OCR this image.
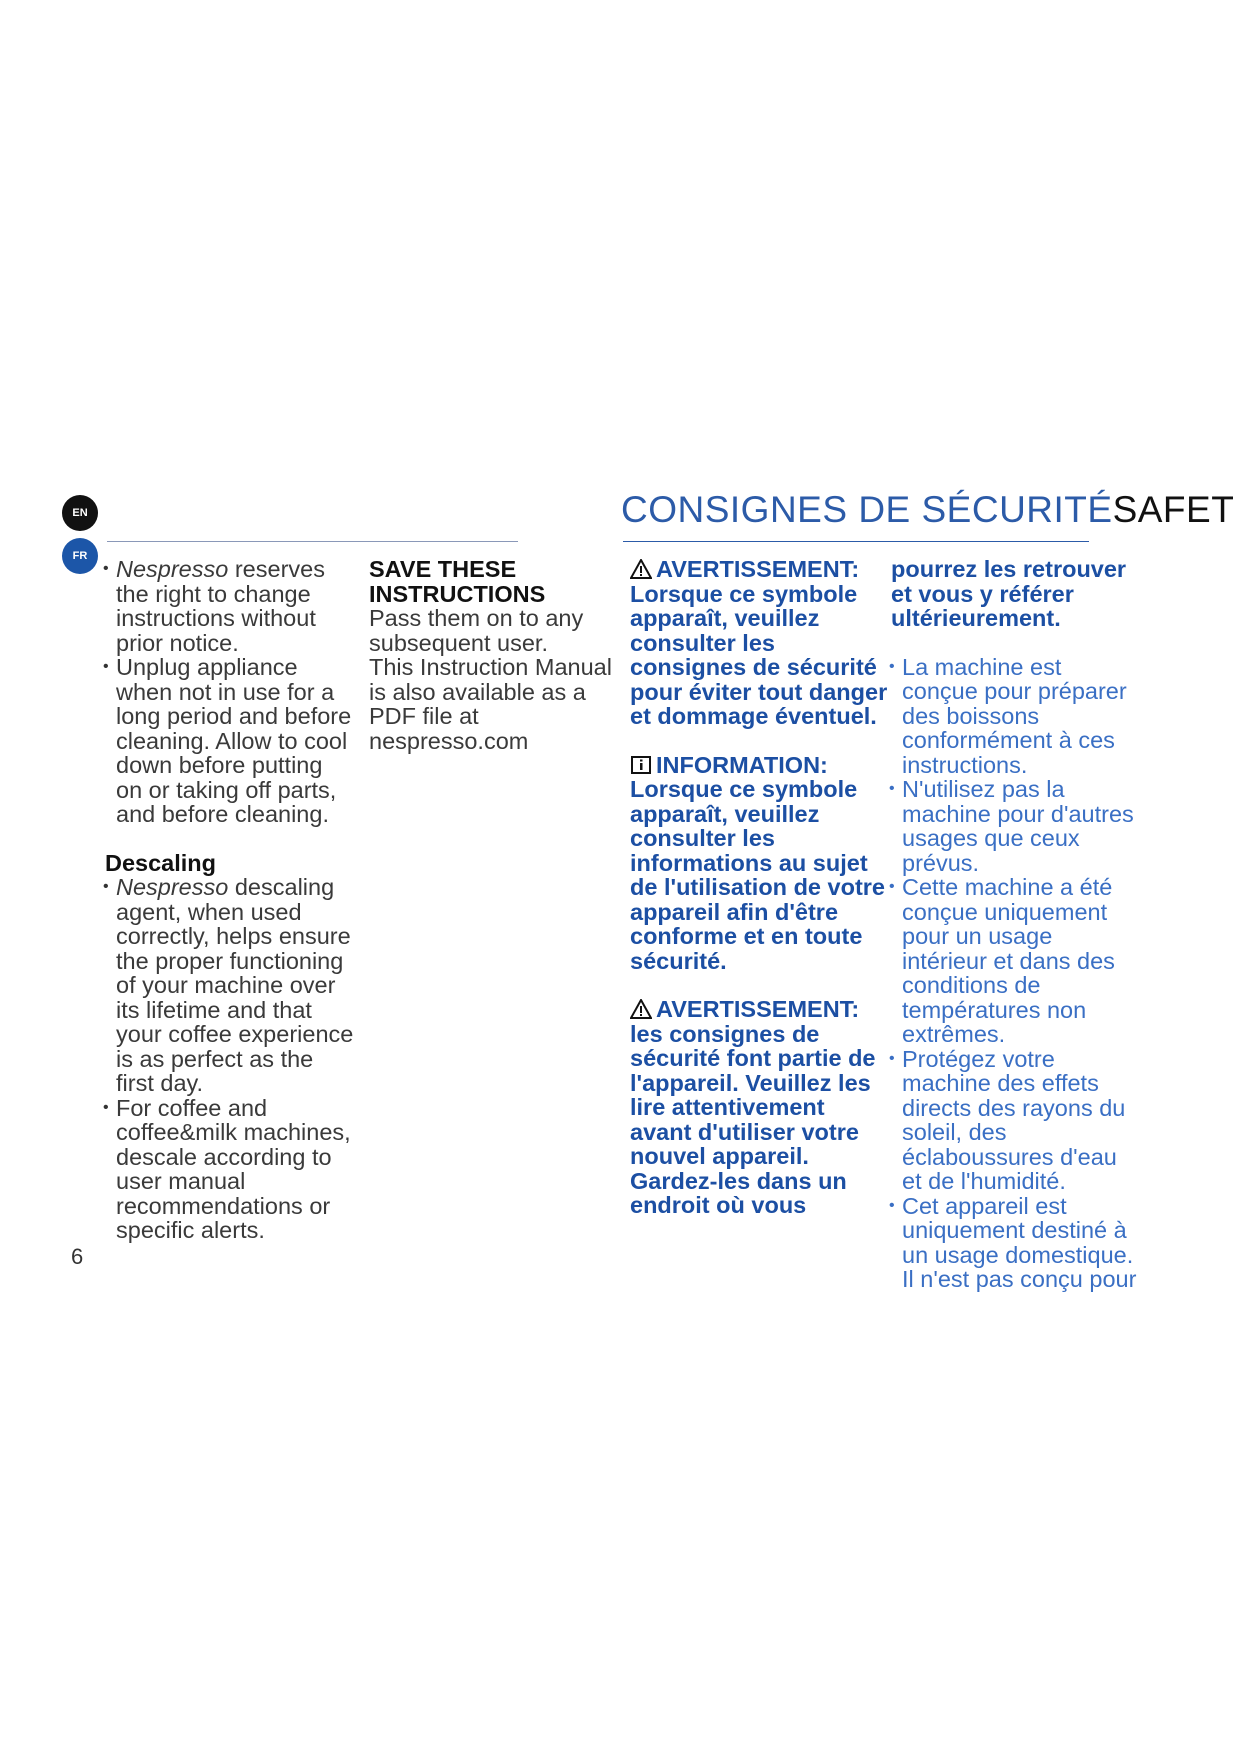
EN
FR
CONSIGNES DE SÉCURITÉSAFET
• Nespresso reserves the right to change instructions without prior notice.
• Unplug appliance when not in use for a long period and before cleaning. Allow to cool down before putting on or taking off parts, and before cleaning.
Descaling
• Nespresso descaling agent, when used correctly, helps ensure the proper functioning of your machine over its lifetime and that your coffee experience is as perfect as the first day.
• For coffee and coffee&milk machines, descale according to user manual recommendations or specific alerts.
SAVE THESE INSTRUCTIONS

Pass them on to any subsequent user.

This Instruction Manual is also available as a PDF file at nespresso.com

AVERTISSEMENT:
Lorsque ce symbole apparaît, veuillez consulter les consignes de sécurité pour éviter tout danger et dommage éventuel.
INFORMATION:
Lorsque ce symbole apparaît, veuillez consulter les informations au sujet de l'utilisation de votre appareil afin d'être conforme et en toute sécurité.
AVERTISSEMENT:
les consignes de sécurité font partie de l'appareil. Veuillez les lire attentivement avant d'utiliser votre nouvel appareil. Gardez-les dans un endroit où vous
pourrez les retrouver et vous y référer ultérieurement.
• La machine est conçue pour préparer des boissons conformément à ces instructions.
• N'utilisez pas la machine pour d'autres usages que ceux prévus.
• Cette machine a été conçue uniquement pour un usage intérieur et dans des conditions de températures non extrêmes.
• Protégez votre machine des effets directs des rayons du soleil, des éclaboussures d'eau et de l'humidité.
• Cet appareil est uniquement destiné à un usage domestique. Il n'est pas conçu pour
6
